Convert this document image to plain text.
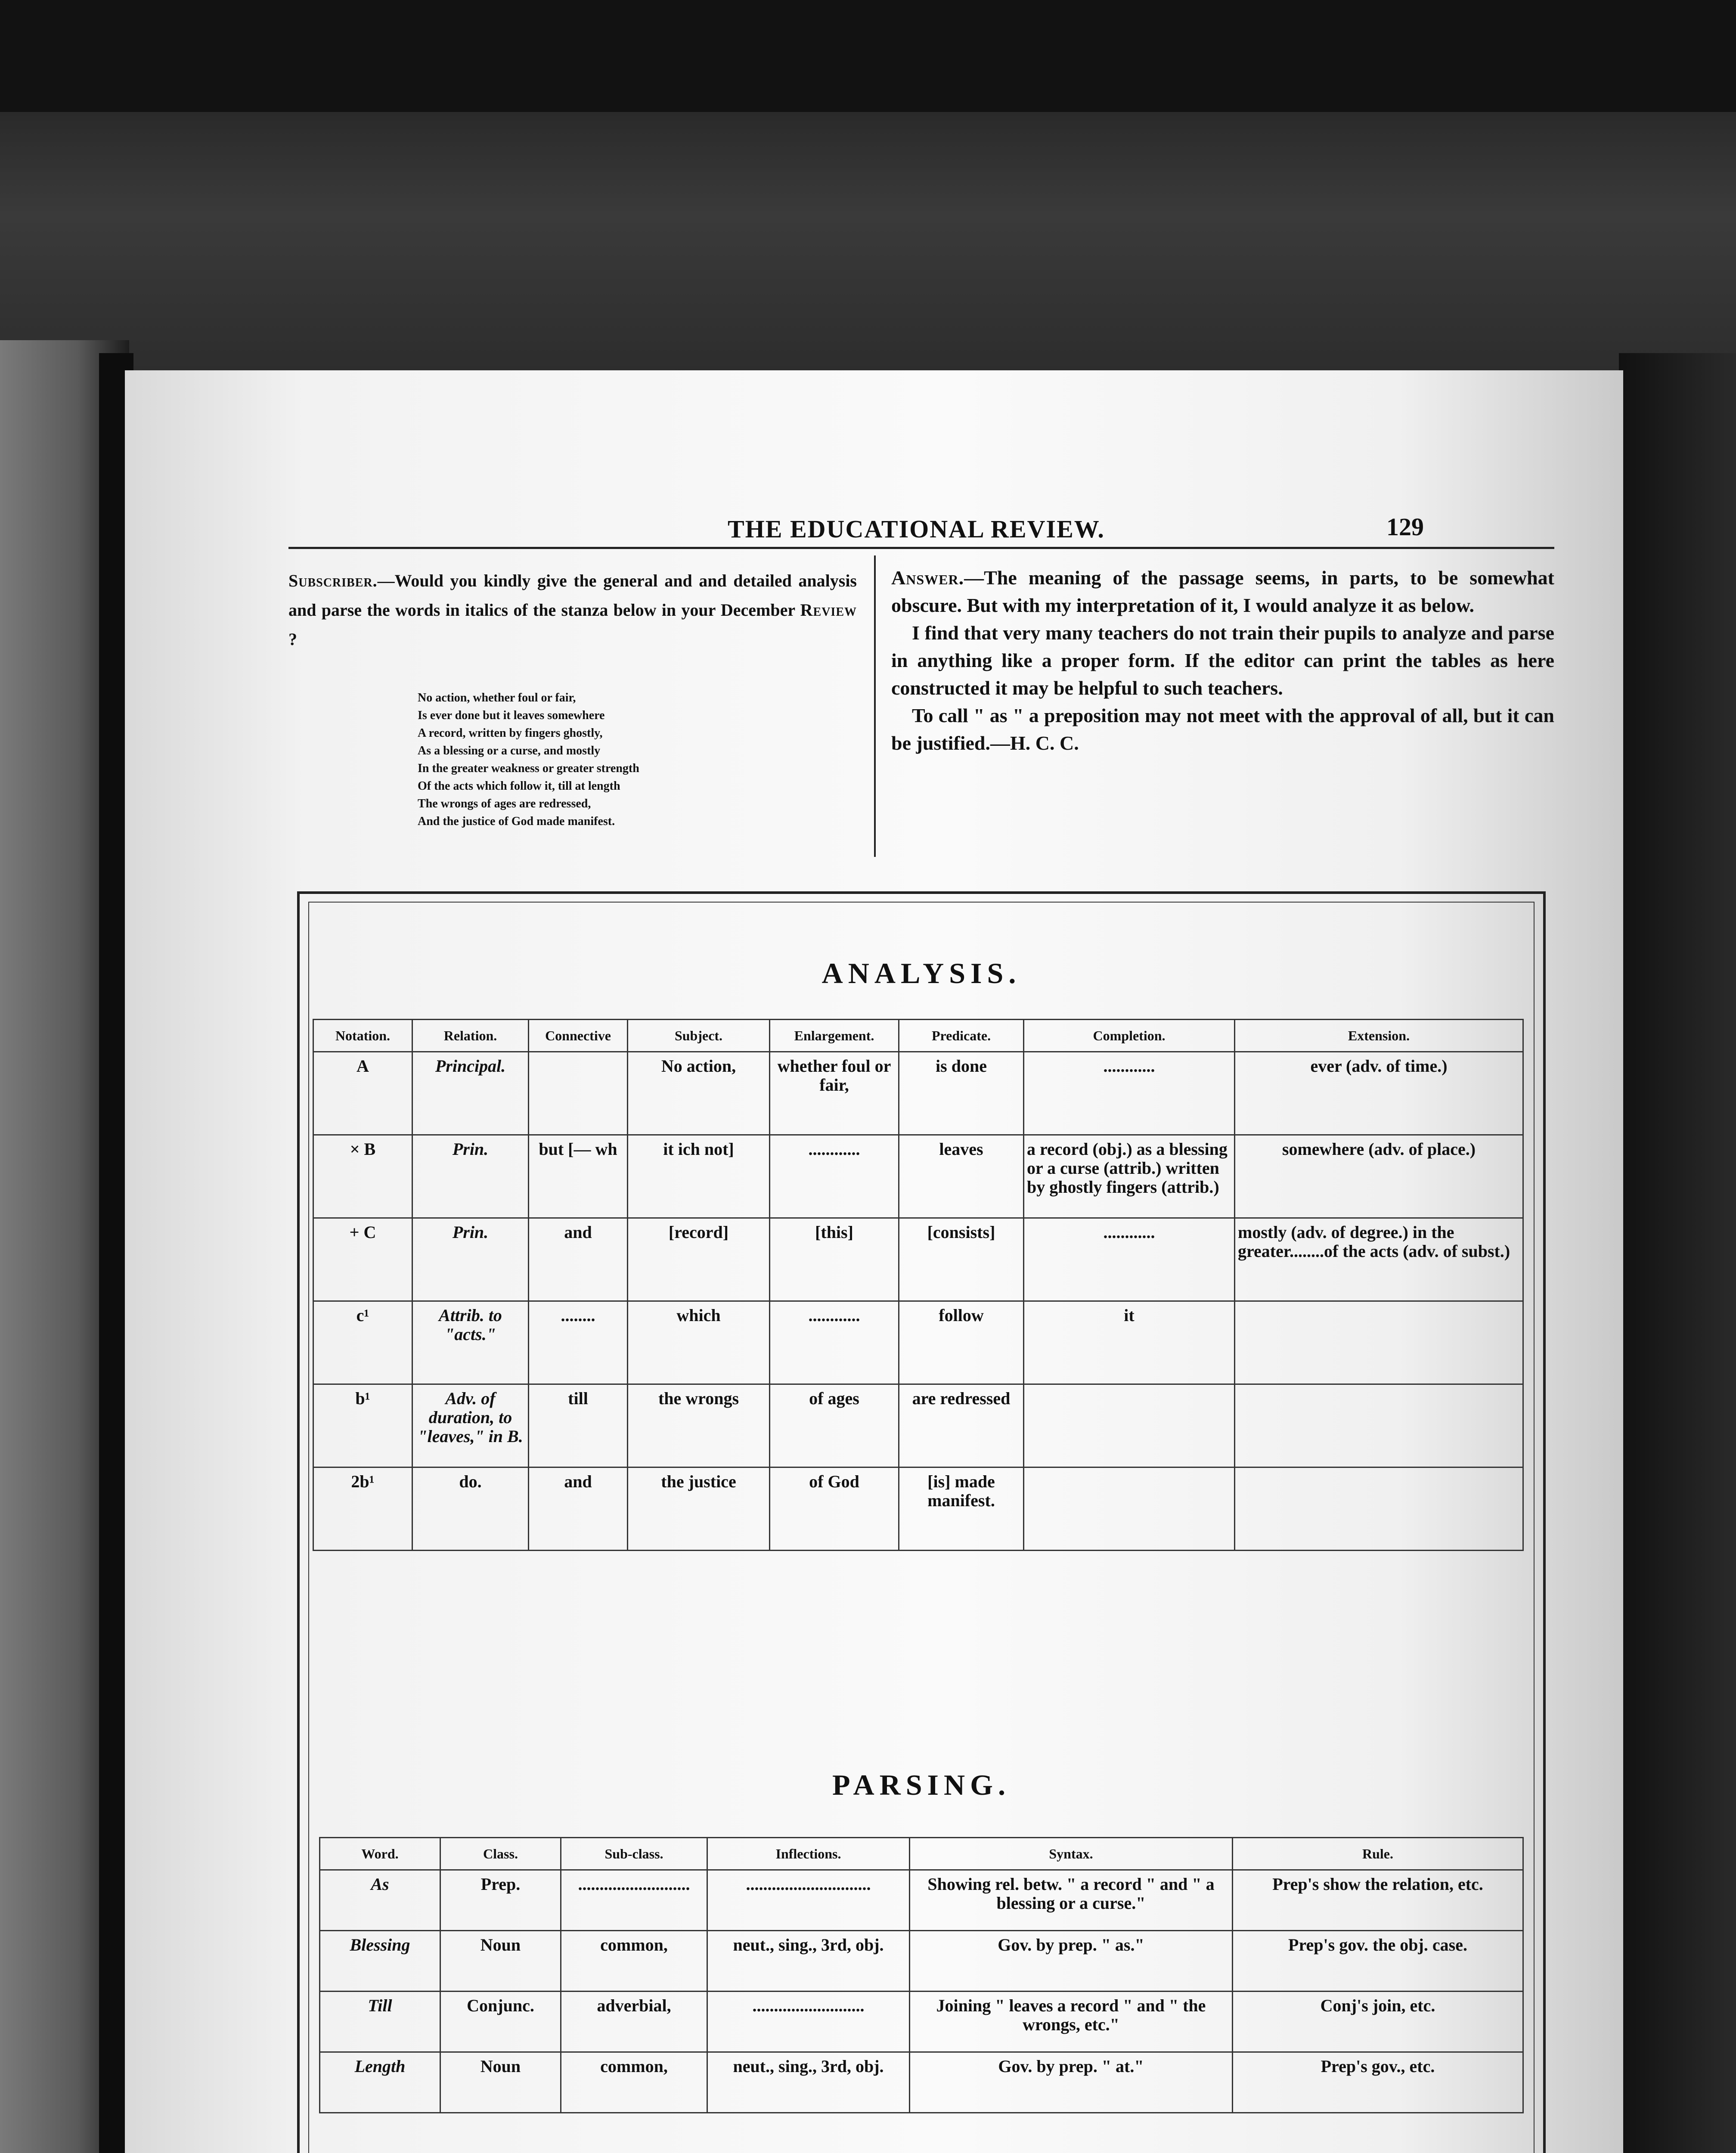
THE EDUCATIONAL REVIEW.	129
Subscriber.—Would you kindly give the general and and detailed analysis and parse the words in italics of the stanza below in your December Review ?
No action, whether foul or fair,
Is ever done but it leaves somewhere
A record, written by fingers ghostly,
As a blessing or a curse, and mostly
In the greater weakness or greater strength
Of the acts which follow it, till at length
The wrongs of ages are redressed,
And the justice of God made manifest.

Answer.—The meaning of the passage seems, in parts, to be somewhat obscure. But with my interpretation of it, I would analyze it as below.

I find that very many teachers do not train their pupils to analyze and parse in anything like a proper form. If the editor can print the tables as here constructed it may be helpful to such teachers.

To call " as " a preposition may not meet with the approval of all, but it can be justified.—H. C. C.

ANALYSIS.
Notation.	Relation.	Connective	Subject.	Enlargement.	Predicate.	Completion.	Extension.
A	Principal.		No action,	whether foul or fair,	is done	............	ever (adv. of time.)
× B	Prin.	but [— wh	it ich not]	............	leaves	a record (obj.) as a blessing or a curse (attrib.) written by ghostly fingers (attrib.)	somewhere (adv. of place.)
+ C	Prin.	and	[record]	[this]	[consists]	............	mostly (adv. of degree.) in the greater........of the acts (adv. of subst.)
c¹	Attrib. to "acts."	........	which	............	follow	it	
b¹	Adv. of duration, to "leaves," in B.	till	the wrongs	of ages	are redressed		
2b¹	do.	and	the justice	of God	[is] made manifest.		
PARSING.
Word.	Class.	Sub-class.	Inflections.	Syntax.	Rule.
As	Prep.	..........................	.............................	Showing rel. betw. " a record " and " a blessing or a curse."	Prep's show the relation, etc.
Blessing	Noun	common,	neut., sing., 3rd, obj.	Gov. by prep. " as."	Prep's gov. the obj. case.
Till	Conjunc.	adverbial,	..........................	Joining " leaves a record " and " the wrongs, etc."	Conj's join, etc.
Length	Noun	common,	neut., sing., 3rd, obj.	Gov. by prep. " at."	Prep's gov., etc.
